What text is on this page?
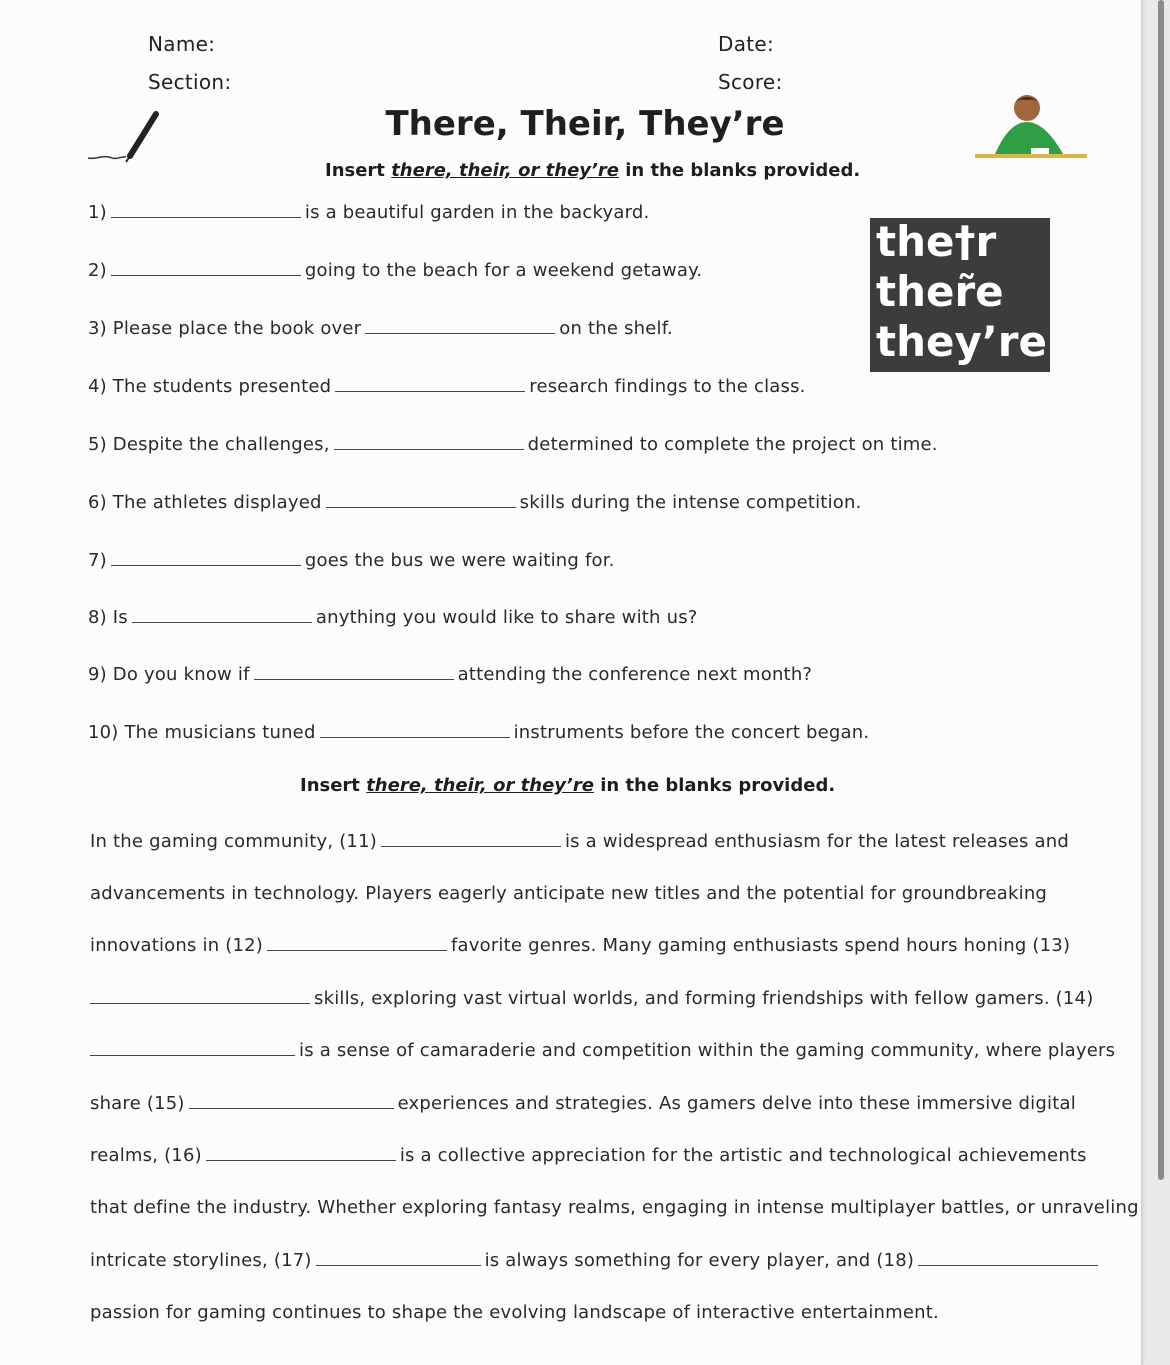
Name:	Date:
Section:	Score:
There, Their, They’re
Insert there, their, or they’re in the blanks provided.
the†r
ther͂e
they’re
1)	is a beautiful garden in the backyard.
2)	going to the beach for a weekend getaway.
3) Please place the book over	on the shelf.
4) The students presented	research findings to the class.
5) Despite the challenges,	determined to complete the project on time.
6) The athletes displayed	skills during the intense competition.
7)	goes the bus we were waiting for.
8) Is	anything you would like to share with us?
9) Do you know if	attending the conference next month?
10) The musicians tuned	instruments before the concert began.
Insert there, their, or they’re in the blanks provided.
In the gaming community, (11)	is a widespread enthusiasm for the latest releases and
advancements in technology. Players eagerly anticipate new titles and the potential for groundbreaking
innovations in (12)	favorite genres. Many gaming enthusiasts spend hours honing (13)
skills, exploring vast virtual worlds, and forming friendships with fellow gamers. (14)
is a sense of camaraderie and competition within the gaming community, where players
share (15)	experiences and strategies. As gamers delve into these immersive digital
realms, (16)	is a collective appreciation for the artistic and technological achievements
that define the industry. Whether exploring fantasy realms, engaging in intense multiplayer battles, or unraveling
intricate storylines, (17)	is always something for every player, and (18)
passion for gaming continues to shape the evolving landscape of interactive entertainment.
